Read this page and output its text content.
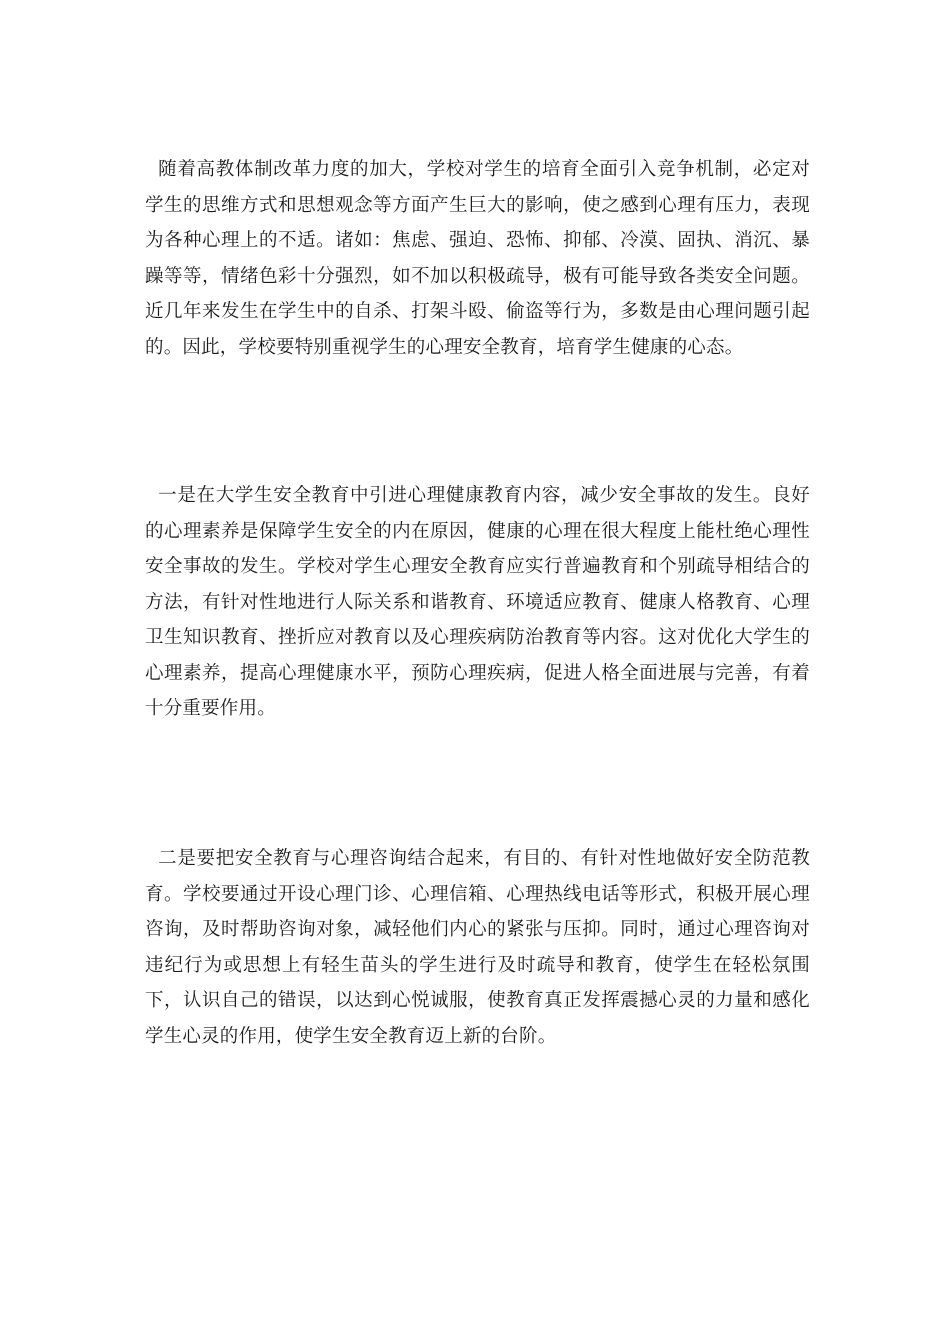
随着高教体制改革力度的加大，学校对学生的培育全面引入竞争机制，必定对学生的思维方式和思想观念等方面产生巨大的影响，使之感到心理有压力，表现为各种心理上的不适。诸如：焦虑、强迫、恐怖、抑郁、冷漠、固执、消沉、暴躁等等，情绪色彩十分强烈，如不加以积极疏导，极有可能导致各类安全问题。近几年来发生在学生中的自杀、打架斗殴、偷盗等行为，多数是由心理问题引起的。因此，学校要特别重视学生的心理安全教育，培育学生健康的心态。

一是在大学生安全教育中引进心理健康教育内容，减少安全事故的发生。良好的心理素养是保障学生安全的内在原因，健康的心理在很大程度上能杜绝心理性安全事故的发生。学校对学生心理安全教育应实行普遍教育和个别疏导相结合的方法，有针对性地进行人际关系和谐教育、环境适应教育、健康人格教育、心理卫生知识教育、挫折应对教育以及心理疾病防治教育等内容。这对优化大学生的心理素养，提高心理健康水平，预防心理疾病，促进人格全面进展与完善，有着十分重要作用。

二是要把安全教育与心理咨询结合起来，有目的、有针对性地做好安全防范教育。学校要通过开设心理门诊、心理信箱、心理热线电话等形式，积极开展心理咨询，及时帮助咨询对象，减轻他们内心的紧张与压抑。同时，通过心理咨询对违纪行为或思想上有轻生苗头的学生进行及时疏导和教育，使学生在轻松氛围下，认识自己的错误，以达到心悦诚服，使教育真正发挥震撼心灵的力量和感化学生心灵的作用，使学生安全教育迈上新的台阶。
